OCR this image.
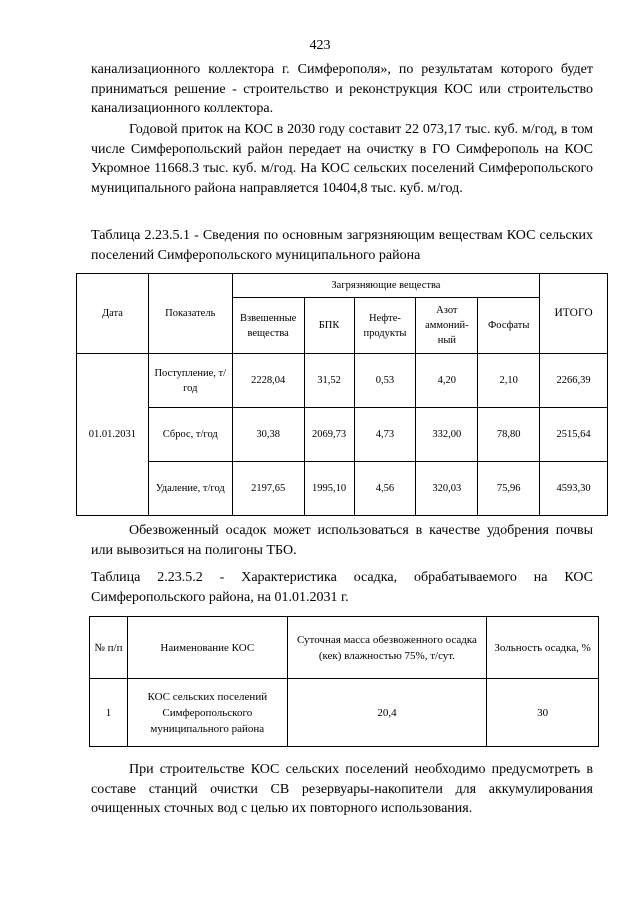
423

канализационного коллектора г. Симферополя», по результатам которого будет приниматься решение - строительство и реконструкция КОС или строительство канализационного коллектора.

Годовой приток на КОС в 2030 году составит 22 073,17 тыс. куб. м/год, в том числе Симферопольский район передает на очистку в ГО Симферополь на КОС Укромное 11668.3 тыс. куб. м/год. На КОС сельских поселений Симферопольского муниципального района направляется 10404,8 тыс. куб. м/год.

Таблица 2.23.5.1 - Сведения по основным загрязняющим веществам КОС сельских поселений Симферопольского муниципального района

Дата	Показатель	Загрязняющие вещества					ИТОГО
		Взвешенные вещества	БПК	Нефте-продукты	Азот аммоний-ный	Фосфаты	
01.01.2031	Поступление, т/год	2228,04	31,52	0,53	4,20	2,10	2266,39
	Сброс, т/год	30,38	2069,73	4,73	332,00	78,80	2515,64
	Удаление, т/год	2197,65	1995,10	4,56	320,03	75,96	4593,30

Обезвоженный осадок может использоваться в качестве удобрения почвы или вывозиться на полигоны ТБО.

Таблица 2.23.5.2 - Характеристика осадка, обрабатываемого на КОС Симферопольского района, на 01.01.2031 г.

№ п/п	Наименование КОС	Суточная масса обезвоженного осадка (кек) влажностью 75%, т/сут.	Зольность осадка, %
1	КОС сельских поселений Симферопольского муниципального района	20,4	30

При строительстве КОС сельских поселений необходимо предусмотреть в составе станций очистки СВ резервуары-накопители для аккумулирования очищенных сточных вод с целью их повторного использования.
